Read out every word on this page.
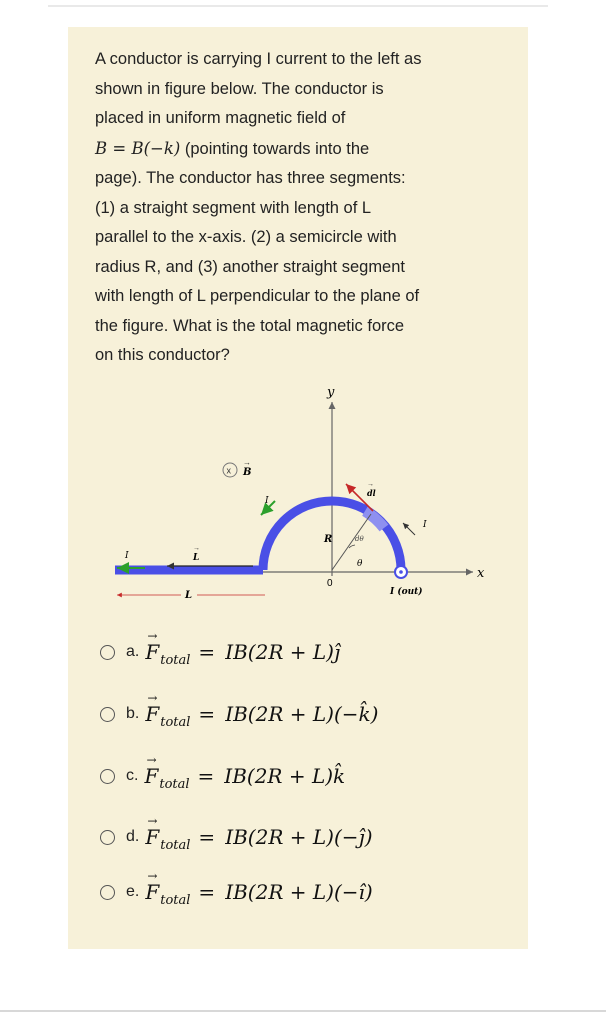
A conductor is carrying I current to the left as
shown in figure below. The conductor is
placed in uniform magnetic field of
B = B(−k) (pointing towards into the
page). The conductor has three segments:
(1) a straight segment with length of L
parallel to the x-axis. (2) a semicircle with
radius R, and (3) another straight segment
with length of L perpendicular to the plane of
the figure. What is the total magnetic force
on this conductor?
y
x
0
R
θ
dθ
x B
→
dl
→
I
I
I
L
→
L	I (out)
a. → $F_{total} = IB(2R$ + L)ĵ
b. → $F_{total} = IB(2R$ + L)(−k̂)
c. → $F_{total} = IB(2R$ + L)k̂
d. → $F_{total} = IB(2R$ + L)(−ĵ)
e. → $F_{total} = IB(2R$ + L)(−î)
